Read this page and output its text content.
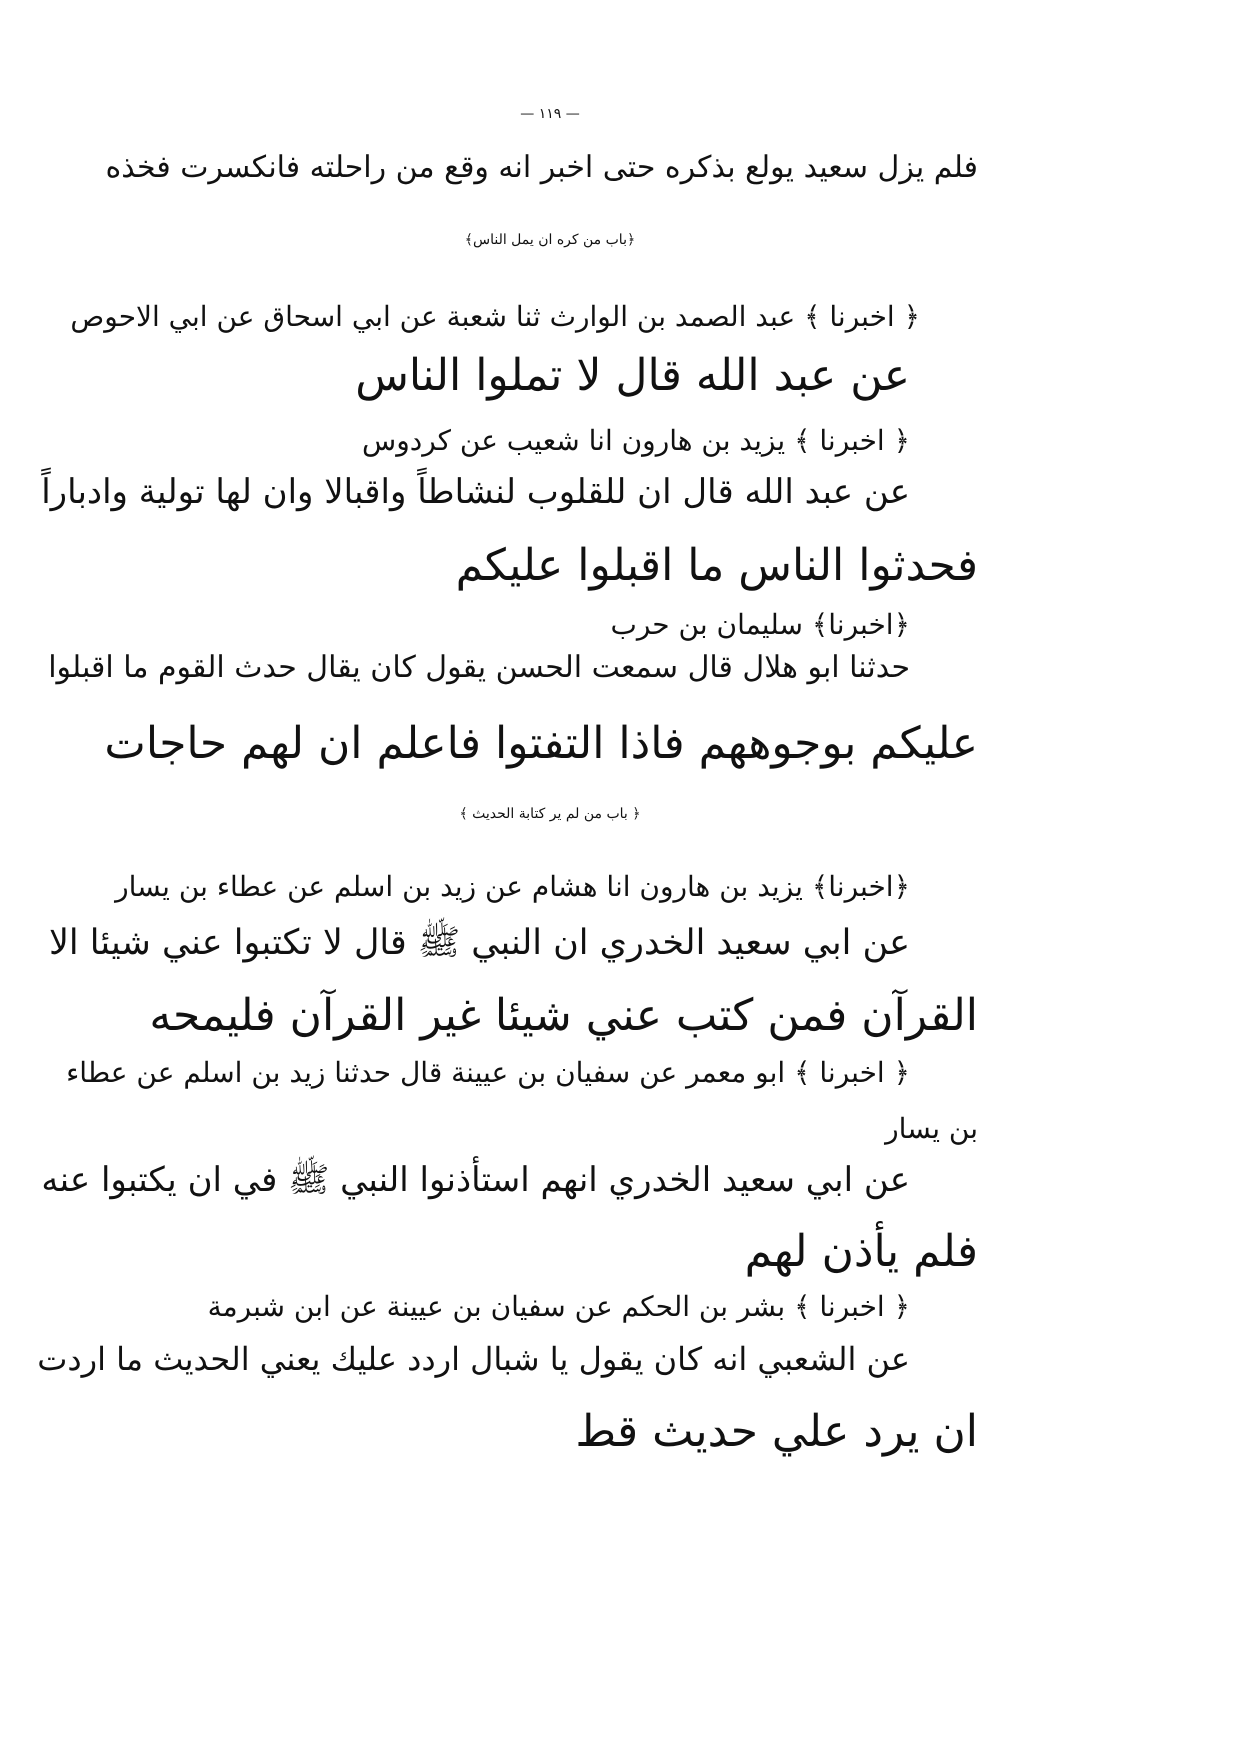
— ١١٩ —
فلم يزل سعيد يولع بذكره حتى اخبر انه وقع من راحلته فانكسرت فخذه
﴿باب من كره ان يمل الناس﴾
﴿ اخبرنا ﴾ عبد الصمد بن الوارث ثنا شعبة عن ابي اسحاق عن ابي الاحوص
عن عبد الله قال لا تملوا الناس
﴿ اخبرنا ﴾ يزيد بن هارون انا شعيب عن كردوس
عن عبد الله قال ان للقلوب لنشاطاً واقبالا وان لها تولية وادباراً
فحدثوا الناس ما اقبلوا عليكم
﴿اخبرنا﴾ سليمان بن حرب
حدثنا ابو هلال قال سمعت الحسن يقول كان يقال حدث القوم ما اقبلوا
عليكم بوجوههم فاذا التفتوا فاعلم ان لهم حاجات
﴿ باب من لم ير كتابة الحديث ﴾
﴿اخبرنا﴾ يزيد بن هارون انا هشام عن زيد بن اسلم عن عطاء بن يسار
عن ابي سعيد الخدري ان النبي ﷺ قال لا تكتبوا عني شيئا الا
القرآن فمن كتب عني شيئا غير القرآن فليمحه
﴿ اخبرنا ﴾ ابو معمر عن سفيان بن عيينة قال حدثنا زيد بن اسلم عن عطاء
بن يسار
عن ابي سعيد الخدري انهم استأذنوا النبي ﷺ في ان يكتبوا عنه
فلم يأذن لهم
﴿ اخبرنا ﴾ بشر بن الحكم عن سفيان بن عيينة عن ابن شبرمة
عن الشعبي انه كان يقول يا شبال اردد عليك يعني الحديث ما اردت
ان يرد علي حديث قط
